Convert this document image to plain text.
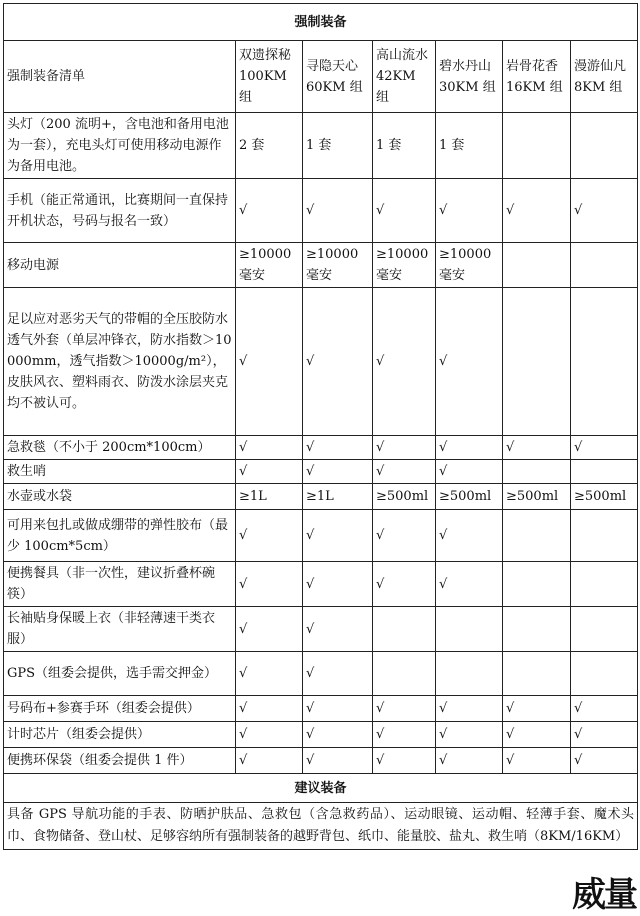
强制装备						
强制装备清单	双遗探秘 100KM组	寻隐天心 60KM 组	高山流水 42KM 组	碧水丹山 30KM 组	岩骨花香 16KM 组	漫游仙凡 8KM 组
头灯（200 流明+，含电池和备用电池为一套），充电头灯可使用移动电源作为备用电池。	2 套	1 套	1 套	1 套		
手机（能正常通讯，比赛期间一直保持开机状态，号码与报名一致）	√	√	√	√	√	√
移动电源	≥10000 毫安	≥10000 毫安	≥10000 毫安	≥10000 毫安		
足以应对恶劣天气的带帽的全压胶防水透气外套（单层冲锋衣，防水指数＞10000mm，透气指数＞10000g/m²），皮肤风衣、塑料雨衣、防泼水涂层夹克均不被认可。	√	√	√	√		
急救毯（不小于 200cm*100cm）	√	√	√	√	√	√
救生哨	√	√	√	√		
水壶或水袋	≥1L	≥1L	≥500ml	≥500ml	≥500ml	≥500ml
可用来包扎或做成绷带的弹性胶布（最少 100cm*5cm）	√	√	√	√		
便携餐具（非一次性，建议折叠杯碗筷）	√	√	√	√		
长袖贴身保暖上衣（非轻薄速干类衣服）	√	√				
GPS（组委会提供，选手需交押金）	√	√				
号码布+参赛手环（组委会提供）	√	√	√	√	√	√
计时芯片（组委会提供）	√	√	√	√	√	√
便携环保袋（组委会提供 1 件）	√	√	√	√	√	√
建议装备						
具备 GPS 导航功能的手表、防晒护肤品、急救包（含急救药品）、运动眼镜、运动帽、轻薄手套、魔术头巾、食物储备、登山杖、足够容纳所有强制装备的越野背包、纸巾、能量胶、盐丸、救生哨（8KM/16KM）						
威量
